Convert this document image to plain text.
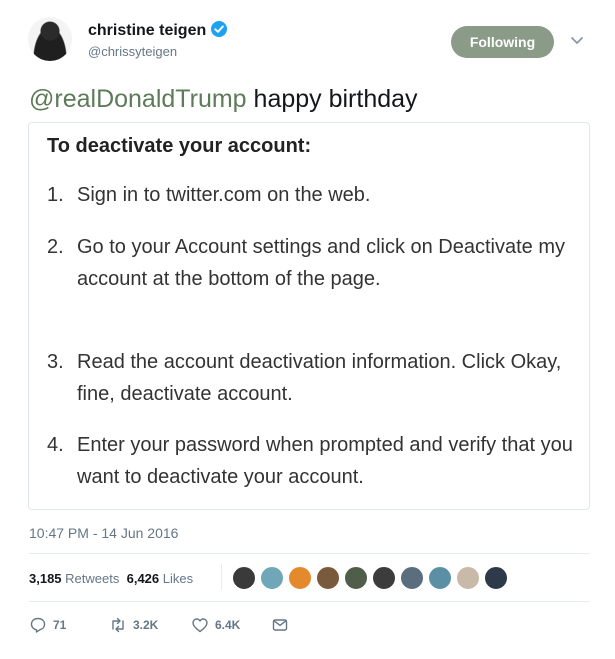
christine teigen
@chrissyteigen
Following
@realDonaldTrump happy birthday
To deactivate your account:
1. Sign in to twitter.com on the web.
2. Go to your Account settings and click on Deactivate my account at the bottom of the page.
3. Read the account deactivation information. Click Okay, fine, deactivate account.
4. Enter your password when prompted and verify that you want to deactivate your account.
10:47 PM - 14 Jun 2016
3,185 Retweets 6,426 Likes
71	3.2K	6.4K
